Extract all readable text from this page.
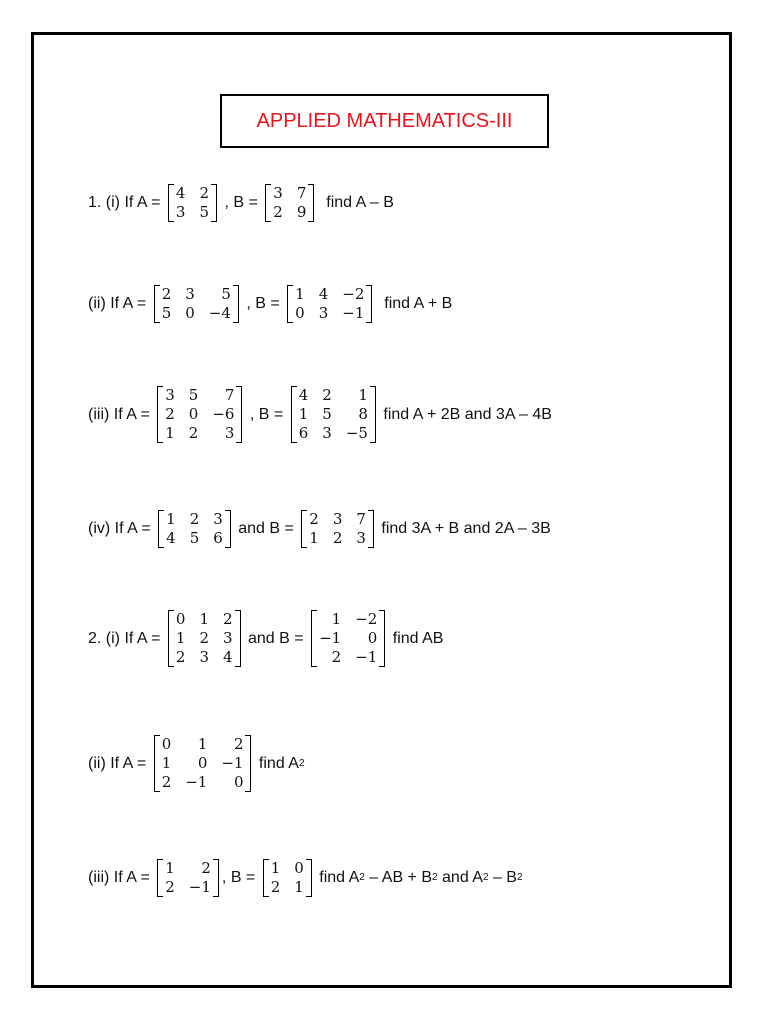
APPLIED MATHEMATICS-III
1. (i) If A =
4	2
3	5
, B =
3	7
2	9
find A – B
(ii) If A =
2	3	5
5	0	−4
, B =
1	4	−2
0	3	−1
find A + B
(iii) If A =
3	5	7
2	0	−6
1	2	3
, B =
4	2	1
1	5	8
6	3	−5
find A + 2B and 3A – 4B
(iv) If A =
1	2	3
4	5	6
and B =
2	3	7
1	2	3
find 3A + B and 2A – 3B
2. (i) If A =
0	1	2
1	2	3
2	3	4
and B =
1	−2
−1	0
2	−1
find AB
(ii) If A =
0	1	2
1	0	−1
2	−1	0
find A 2
(iii) If A =
1	2
2	−1
, B =
1	0
2	1
find A 2 – AB + B 2 and A 2 – B 2
